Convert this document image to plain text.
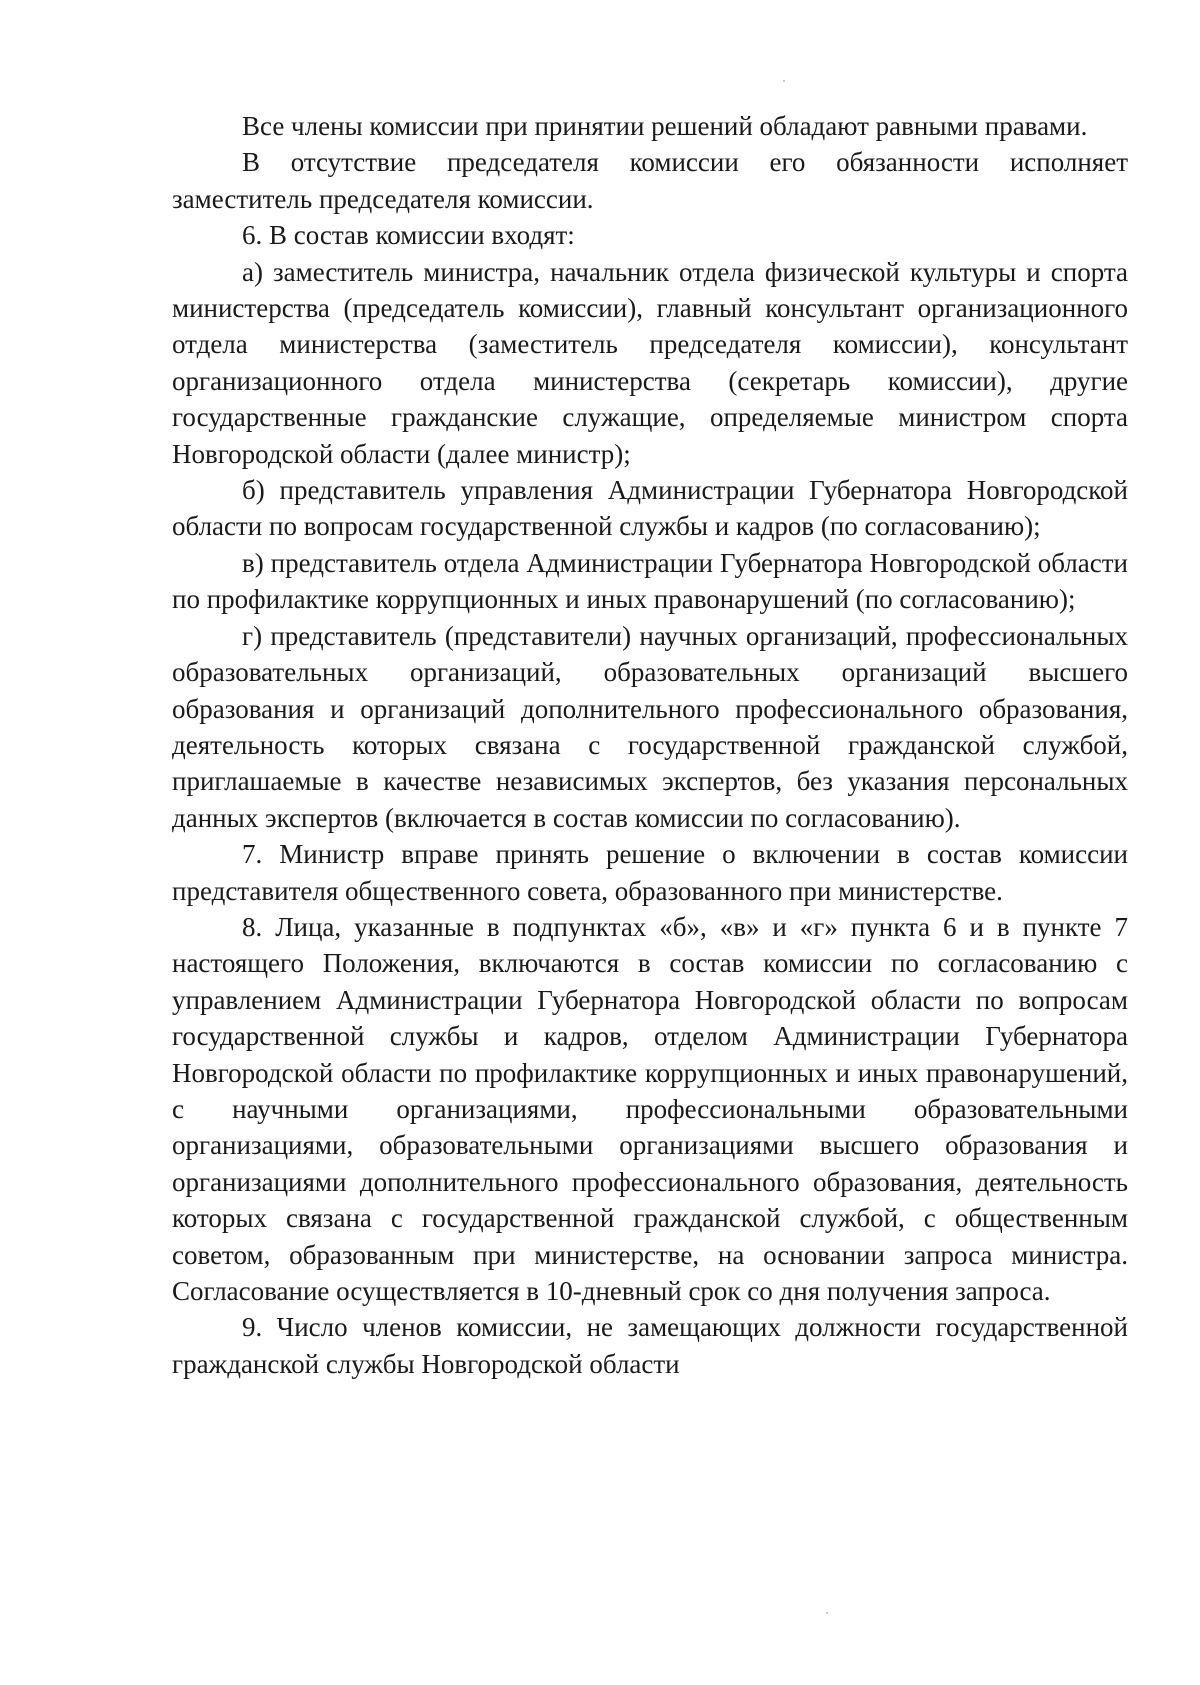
Все члены комиссии при принятии решений обладают равными правами.

В отсутствие председателя комиссии его обязанности исполняет заместитель председателя комиссии.

6. В состав комиссии входят:

а) заместитель министра, начальник отдела физической культуры и спорта министерства (председатель комиссии), главный консультант организационного отдела министерства (заместитель председателя комиссии), консультант организационного отдела министерства (секретарь комиссии), другие государственные гражданские служащие, определяемые министром спорта Новгородской области (далее министр);

б) представитель управления Администрации Губернатора Новгородской области по вопросам государственной службы и кадров (по согласованию);

в) представитель отдела Администрации Губернатора Новгородской области по профилактике коррупционных и иных правонарушений (по согласованию);

г) представитель (представители) научных организаций, профессиональных образовательных организаций, образовательных организаций высшего образования и организаций дополнительного профессионального образования, деятельность которых связана с государственной гражданской службой, приглашаемые в качестве независимых экспертов, без указания персональных данных экспертов (включается в состав комиссии по согласованию).

7. Министр вправе принять решение о включении в состав комиссии представителя общественного совета, образованного при министерстве.

8. Лица, указанные в подпунктах «б», «в» и «г» пункта 6 и в пункте 7 настоящего Положения, включаются в состав комиссии по согласованию с управлением Администрации Губернатора Новгородской области по вопросам государственной службы и кадров, отделом Администрации Губернатора Новгородской области по профилактике коррупционных и иных правонарушений, с научными организациями, профессиональными образовательными организациями, образовательными организациями высшего образования и организациями дополнительного профессионального образования, деятельность которых связана с государственной гражданской службой, с общественным советом, образованным при министерстве, на основании запроса министра. Согласование осуществляется в 10-дневный срок со дня получения запроса.

9. Число членов комиссии, не замещающих должности государственной гражданской службы Новгородской области
